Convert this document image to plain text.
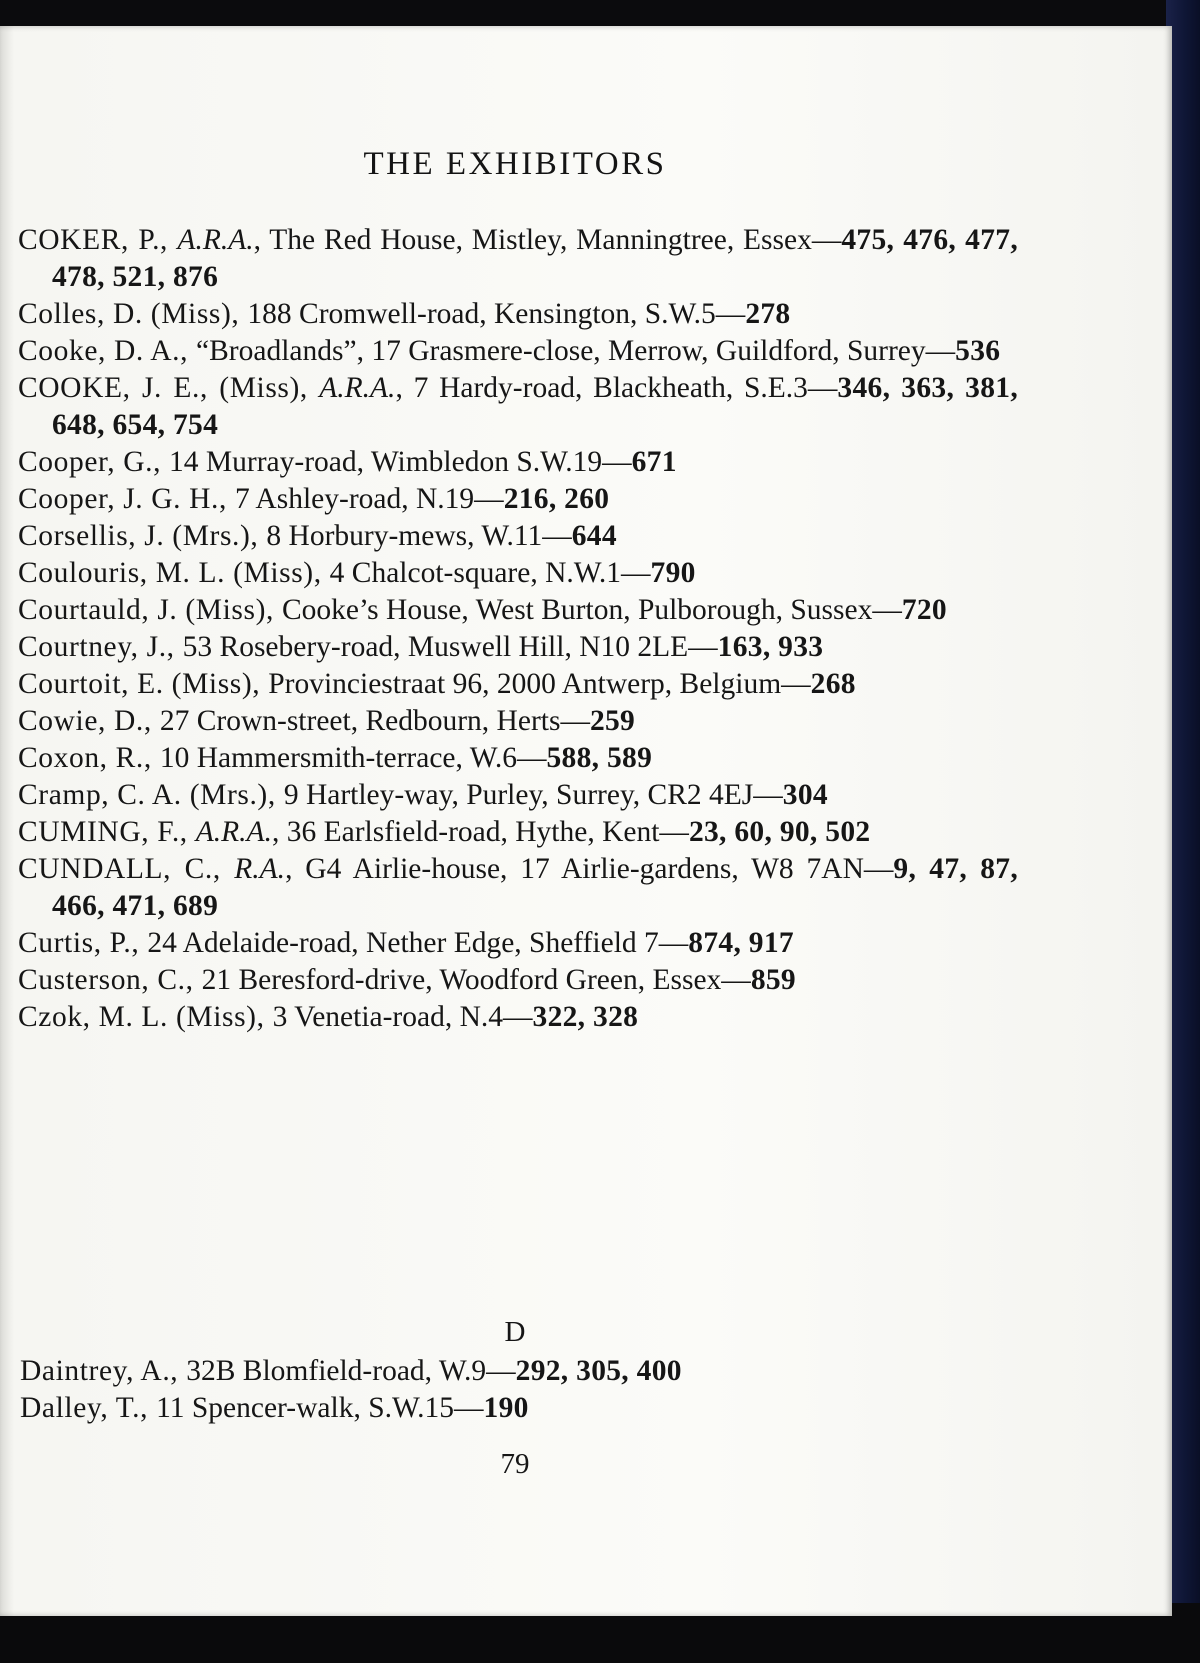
THE EXHIBITORS
COKER, P., A.R.A., The Red House, Mistley, Manningtree, Essex—475, 476, 477, 478, 521, 876
Colles, D. (Miss), 188 Cromwell-road, Kensington, S.W.5—278
Cooke, D. A., “Broadlands”, 17 Grasmere-close, Merrow, Guildford, Surrey—536
COOKE, J. E., (Miss), A.R.A., 7 Hardy-road, Blackheath, S.E.3—346, 363, 381, 648, 654, 754
Cooper, G., 14 Murray-road, Wimbledon S.W.19—671
Cooper, J. G. H., 7 Ashley-road, N.19—216, 260
Corsellis, J. (Mrs.), 8 Horbury-mews, W.11—644
Coulouris, M. L. (Miss), 4 Chalcot-square, N.W.1—790
Courtauld, J. (Miss), Cooke’s House, West Burton, Pulborough, Sussex—720
Courtney, J., 53 Rosebery-road, Muswell Hill, N10 2LE—163, 933
Courtoit, E. (Miss), Provinciestraat 96, 2000 Antwerp, Belgium—268
Cowie, D., 27 Crown-street, Redbourn, Herts—259
Coxon, R., 10 Hammersmith-terrace, W.6—588, 589
Cramp, C. A. (Mrs.), 9 Hartley-way, Purley, Surrey, CR2 4EJ—304
CUMING, F., A.R.A., 36 Earlsfield-road, Hythe, Kent—23, 60, 90, 502
CUNDALL, C., R.A., G4 Airlie-house, 17 Airlie-gardens, W8 7AN—9, 47, 87, 466, 471, 689
Curtis, P., 24 Adelaide-road, Nether Edge, Sheffield 7—874, 917
Custerson, C., 21 Beresford-drive, Woodford Green, Essex—859
Czok, M. L. (Miss), 3 Venetia-road, N.4—322, 328
D
Daintrey, A., 32B Blomfield-road, W.9—292, 305, 400
Dalley, T., 11 Spencer-walk, S.W.15—190
79
